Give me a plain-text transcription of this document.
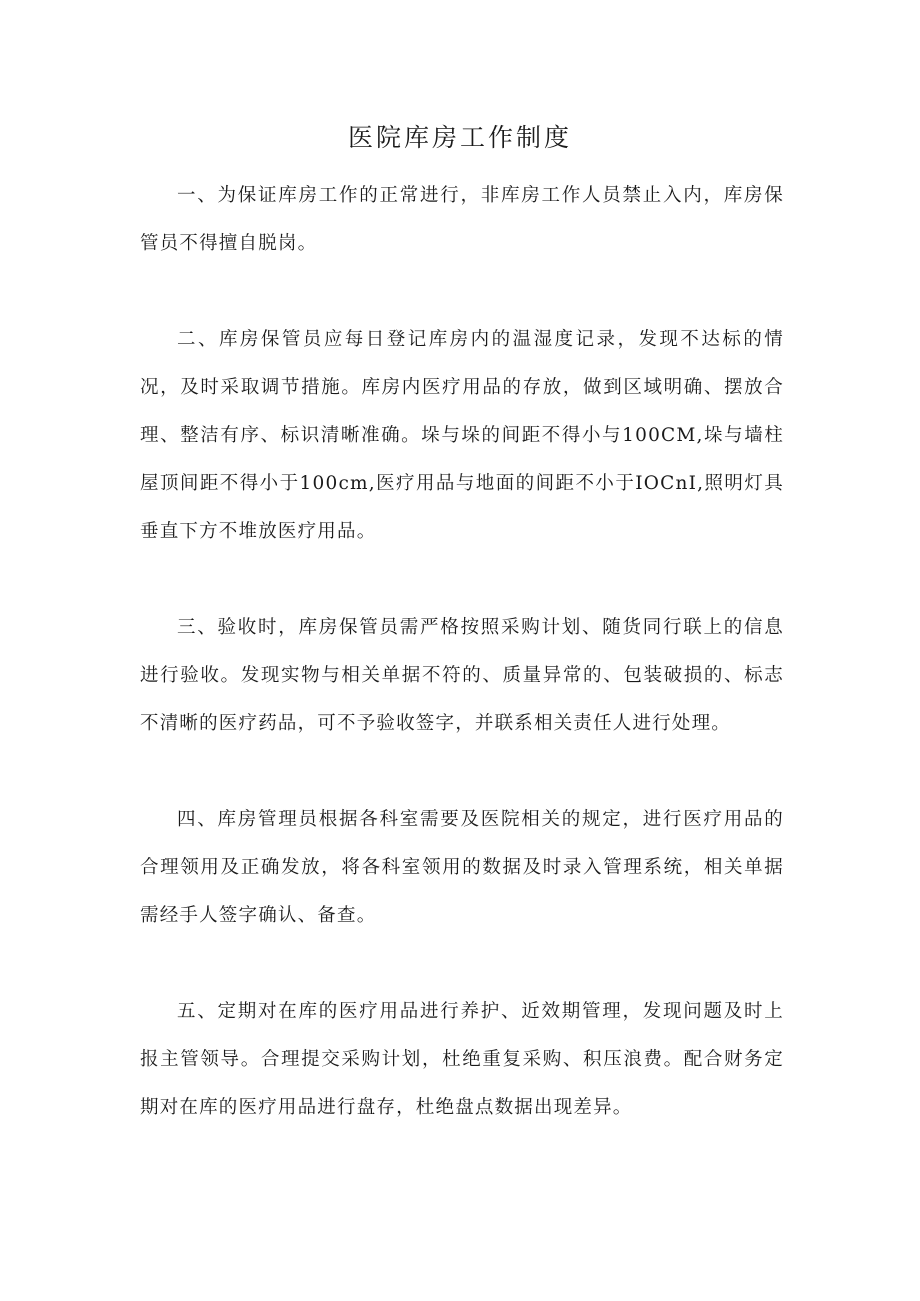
医院库房工作制度

一、为保证库房工作的正常进行，非库房工作人员禁止入内，库房保管员不得擅自脱岗。

二、库房保管员应每日登记库房内的温湿度记录，发现不达标的情况，及时采取调节措施。库房内医疗用品的存放，做到区域明确、摆放合理、整洁有序、标识清晰准确。垛与垛的间距不得小与100CM,垛与墙柱屋顶间距不得小于100cm,医疗用品与地面的间距不小于IOCnI,照明灯具垂直下方不堆放医疗用品。

三、验收时，库房保管员需严格按照采购计划、随货同行联上的信息进行验收。发现实物与相关单据不符的、质量异常的、包装破损的、标志不清晰的医疗药品，可不予验收签字，并联系相关责任人进行处理。

四、库房管理员根据各科室需要及医院相关的规定，进行医疗用品的合理领用及正确发放，将各科室领用的数据及时录入管理系统，相关单据需经手人签字确认、备查。

五、定期对在库的医疗用品进行养护、近效期管理，发现问题及时上报主管领导。合理提交采购计划，杜绝重复采购、积压浪费。配合财务定期对在库的医疗用品进行盘存，杜绝盘点数据出现差异。
